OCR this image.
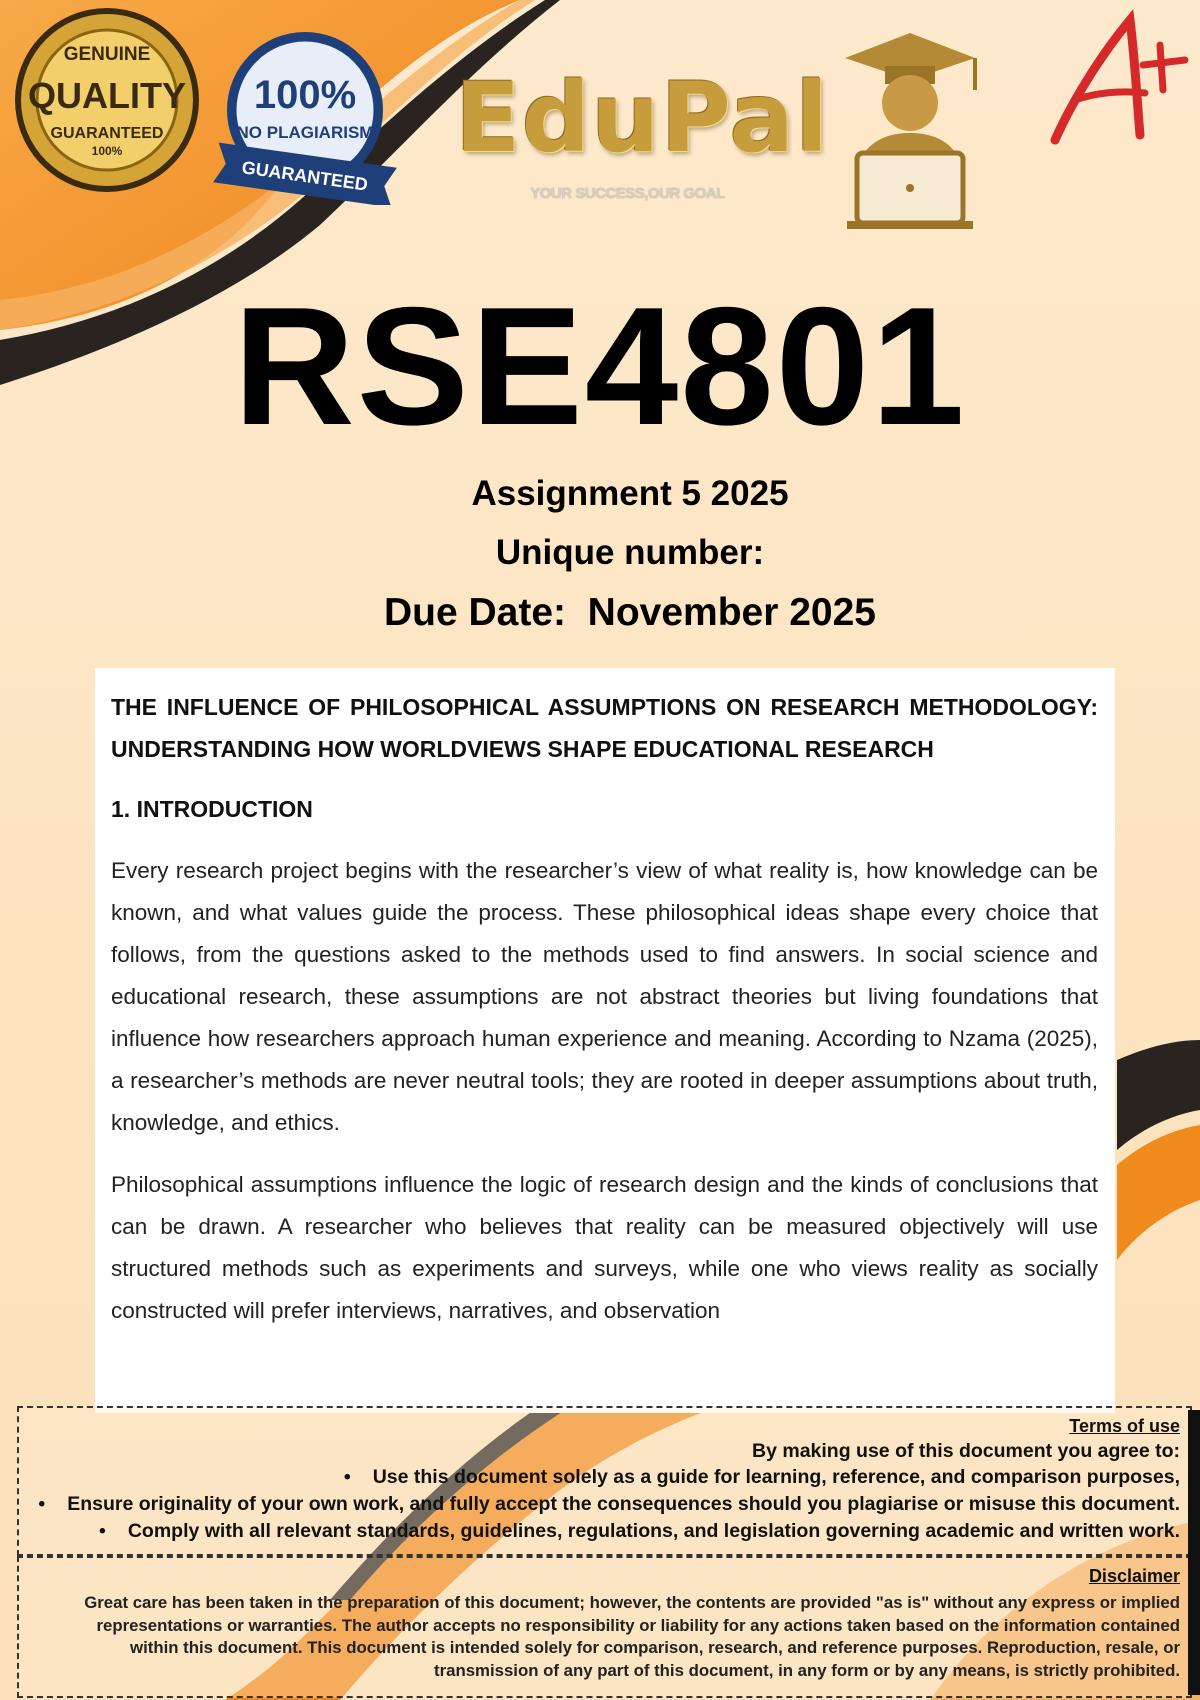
GENUINE
QUALITY
GUARANTEED
100%
100%
NO PLAGIARISM
GUARANTEED
EduPal
YOUR SUCCESS,OUR GOAL
RSE4801
Assignment 5 2025
Unique number:
Due Date:  November 2025

THE INFLUENCE OF PHILOSOPHICAL ASSUMPTIONS ON RESEARCH METHODOLOGY: UNDERSTANDING HOW WORLDVIEWS SHAPE EDUCATIONAL RESEARCH

1. INTRODUCTION

Every research project begins with the researcher’s view of what reality is, how knowledge can be known, and what values guide the process. These philosophical ideas shape every choice that follows, from the questions asked to the methods used to find answers. In social science and educational research, these assumptions are not abstract theories but living foundations that influence how researchers approach human experience and meaning. According to Nzama (2025), a researcher’s methods are never neutral tools; they are rooted in deeper assumptions about truth, knowledge, and ethics.

Philosophical assumptions influence the logic of research design and the kinds of conclusions that can be drawn. A researcher who believes that reality can be measured objectively will use structured methods such as experiments and surveys, while one who views reality as socially constructed will prefer interviews, narratives, and observation

Terms of use
By making use of this document you agree to:
• Use this document solely as a guide for learning, reference, and comparison purposes,
• Ensure originality of your own work, and fully accept the consequences should you plagiarise or misuse this document.
• Comply with all relevant standards, guidelines, regulations, and legislation governing academic and written work.
Disclaimer
Great care has been taken in the preparation of this document; however, the contents are provided "as is" without any express or implied representations or warranties. The author accepts no responsibility or liability for any actions taken based on the information contained within this document. This document is intended solely for comparison, research, and reference purposes. Reproduction, resale, or transmission of any part of this document, in any form or by any means, is strictly prohibited.
